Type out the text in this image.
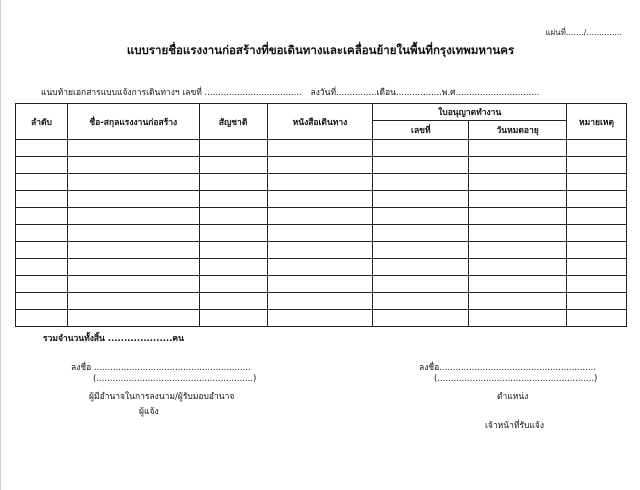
แผ่นที่......./..............
แบบรายชื่อแรงงานก่อสร้างที่ขอเดินทางและเคลื่อนย้ายในพื้นที่กรุงเทพมหานคร
แนบท้ายเอกสารแบบแจ้งการเดินทางฯ เลขที่ .................................... ลงวันที่...............เดือน.................พ.ศ...............................
ลำดับ	ชื่อ-สกุลแรงงานก่อสร้าง	สัญชาติ	หนังสือเดินทาง	ใบอนุญาตทำงาน		หมายเหตุ
				เลขที่	วันหมดอายุ	

รวมจำนวนทั้งสิ้น ....................คน
ลงชื่อ ..........................................................
(..........................................................)
ผู้มีอำนาจในการลงนาม/ผู้รับมอบอำนาจ
ผู้แจ้ง
ลงชื่อ..........................................................
(..........................................................)
ตำแหน่ง
เจ้าหน้าที่รับแจ้ง
